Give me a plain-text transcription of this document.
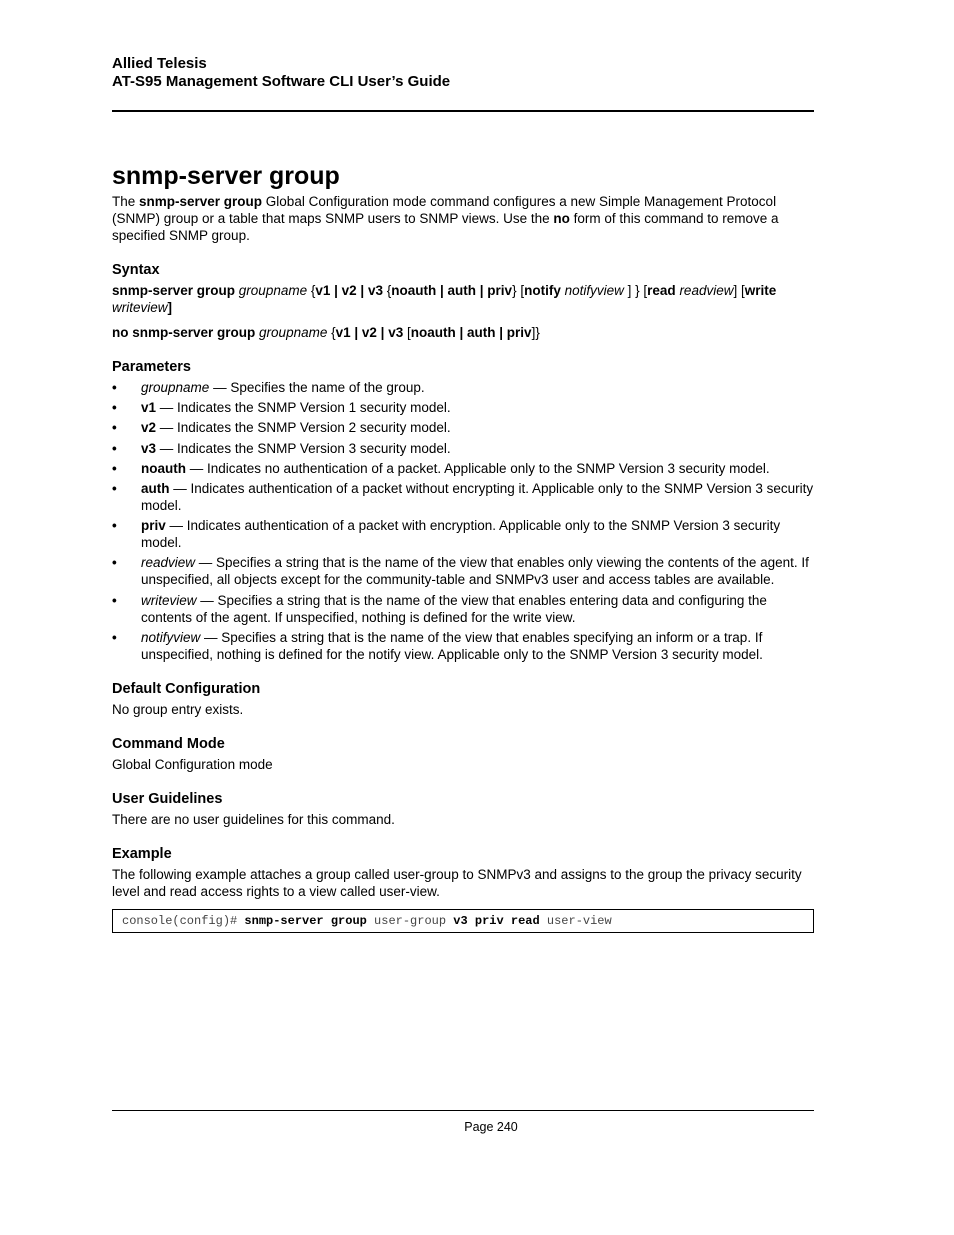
Allied Telesis
AT-S95 Management Software CLI User’s Guide
snmp-server group

The snmp-server group Global Configuration mode command configures a new Simple Management Protocol (SNMP) group or a table that maps SNMP users to SNMP views. Use the no form of this command to remove a specified SNMP group.

Syntax

snmp-server group groupname {v1 | v2 | v3 {noauth | auth | priv} [notify notifyview ] } [read readview] [write writeview]

no snmp-server group groupname {v1 | v2 | v3 [noauth | auth | priv]}

Parameters
• groupname — Specifies the name of the group.
• v1 — Indicates the SNMP Version 1 security model.
• v2 — Indicates the SNMP Version 2 security model.
• v3 — Indicates the SNMP Version 3 security model.
• noauth — Indicates no authentication of a packet. Applicable only to the SNMP Version 3 security model.
• auth — Indicates authentication of a packet without encrypting it. Applicable only to the SNMP Version 3 security model.
• priv — Indicates authentication of a packet with encryption. Applicable only to the SNMP Version 3 security model.
• readview — Specifies a string that is the name of the view that enables only viewing the contents of the agent. If unspecified, all objects except for the community-table and SNMPv3 user and access tables are available.
• writeview — Specifies a string that is the name of the view that enables entering data and configuring the contents of the agent. If unspecified, nothing is defined for the write view.
• notifyview — Specifies a string that is the name of the view that enables specifying an inform or a trap. If unspecified, nothing is defined for the notify view. Applicable only to the SNMP Version 3 security model.
Default Configuration

No group entry exists.

Command Mode

Global Configuration mode

User Guidelines

There are no user guidelines for this command.

Example

The following example attaches a group called user-group to SNMPv3 and assigns to the group the privacy security level and read access rights to a view called user-view.

console(config)# snmp-server group user-group v3 priv read user-view
Page 240
